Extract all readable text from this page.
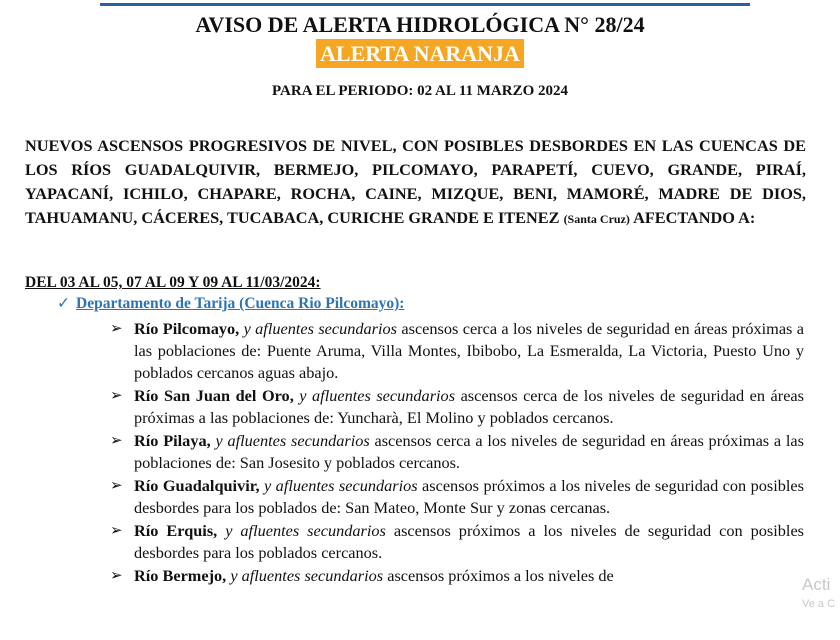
AVISO DE ALERTA HIDROLÓGICA N° 28/24
ALERTA NARANJA
PARA EL PERIODO: 02 AL 11 MARZO 2024

NUEVOS ASCENSOS PROGRESIVOS DE NIVEL, CON POSIBLES DESBORDES EN LAS CUENCAS DE LOS RÍOS GUADALQUIVIR, BERMEJO, PILCOMAYO, PARAPETÍ, CUEVO, GRANDE, PIRAÍ, YAPACANÍ, ICHILO, CHAPARE, ROCHA, CAINE, MIZQUE, BENI, MAMORÉ, MADRE DE DIOS, TAHUAMANU, CÁCERES, TUCABACA, CURICHE GRANDE E ITENEZ (Santa Cruz) AFECTANDO A:

DEL 03 AL 05, 07 AL 09 Y 09 AL 11/03/2024:
✓ Departamento de Tarija (Cuenca Rio Pilcomayo):
➢ Río Pilcomayo, y afluentes secundarios ascensos cerca a los niveles de seguridad en áreas próximas a las poblaciones de: Puente Aruma, Villa Montes, Ibibobo, La Esmeralda, La Victoria, Puesto Uno y poblados cercanos aguas abajo.
➢ Río San Juan del Oro, y afluentes secundarios ascensos cerca de los niveles de seguridad en áreas próximas a las poblaciones de: Yuncharà, El Molino y poblados cercanos.
➢ Río Pilaya, y afluentes secundarios ascensos cerca a los niveles de seguridad en áreas próximas a las poblaciones de: San Josesito y poblados cercanos.
➢ Río Guadalquivir, y afluentes secundarios ascensos próximos a los niveles de seguridad con posibles desbordes para los poblados de: San Mateo, Monte Sur y zonas cercanas.
➢ Río Erquis, y afluentes secundarios ascensos próximos a los niveles de seguridad con posibles desbordes para los poblados cercanos.
➢ Río Bermejo, y afluentes secundarios ascensos próximos a los niveles de	Acti
Ve a C
